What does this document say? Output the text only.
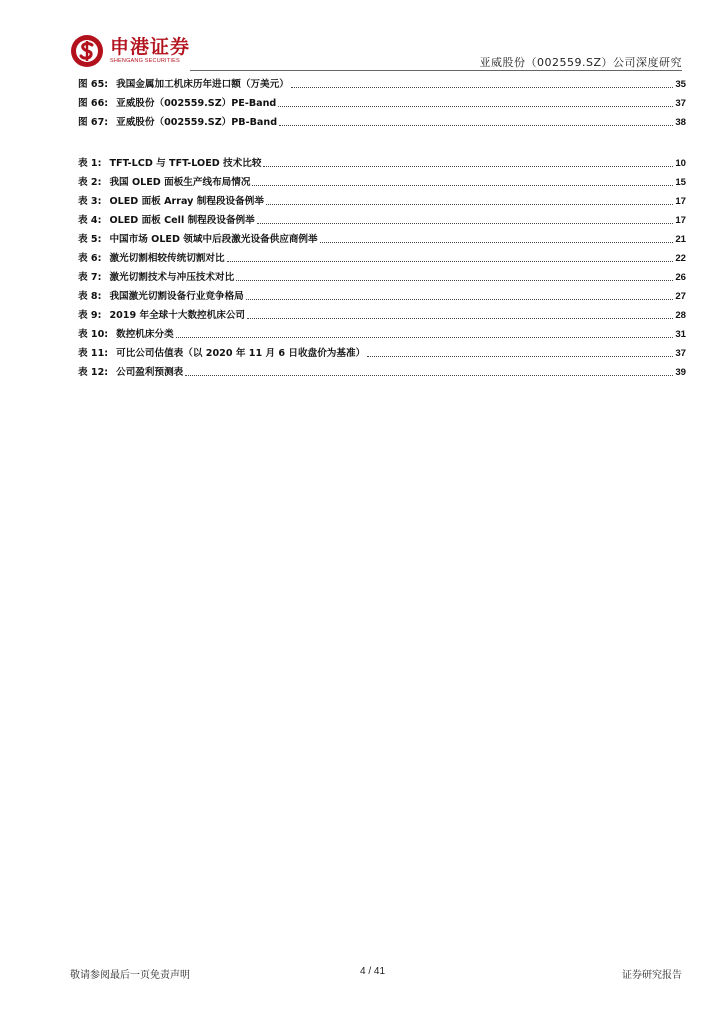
申港证券
SHENGANG SECURITIES	亚威股份（002559.SZ）公司深度研究
图 65: 我国金属加工机床历年进口额（万美元）	35
图 66: 亚威股份（002559.SZ）PE-Band	37
图 67: 亚威股份（002559.SZ）PB-Band	38
表 1: TFT-LCD 与 TFT-LOED 技术比较	10
表 2: 我国 OLED 面板生产线布局情况	15
表 3: OLED 面板 Array 制程段设备例举	17
表 4: OLED 面板 Cell 制程段设备例举	17
表 5: 中国市场 OLED 领域中后段激光设备供应商例举	21
表 6: 激光切割相较传统切割对比	22
表 7: 激光切割技术与冲压技术对比	26
表 8: 我国激光切割设备行业竞争格局	27
表 9: 2019 年全球十大数控机床公司	28
表 10: 数控机床分类	31
表 11: 可比公司估值表（以 2020 年 11 月 6 日收盘价为基准）	37
表 12: 公司盈利预测表	39
敬请参阅最后一页免责声明	4 / 41	证券研究报告
